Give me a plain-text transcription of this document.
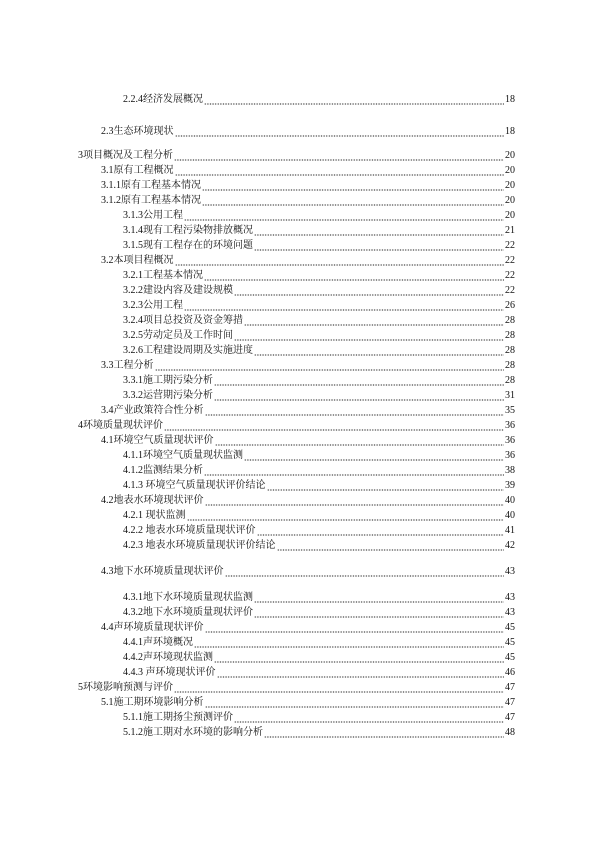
2.2.4经济发展概况	18
2.3生态环境现状	18
3项目概况及工程分析	20
3.1原有工程概况	20
3.1.1原有工程基本情况	20
3.1.2原有工程基本情况	20
3.1.3公用工程	20
3.1.4现有工程污染物排放概况	21
3.1.5现有工程存在的环境问题	22
3.2本项目程概况	22
3.2.1工程基本情况	22
3.2.2建设内容及建设规模	22
3.2.3公用工程	26
3.2.4项目总投资及资金筹措	28
3.2.5劳动定员及工作时间	28
3.2.6工程建设周期及实施进度	28
3.3工程分析	28
3.3.1施工期污染分析	28
3.3.2运营期污染分析	31
3.4产业政策符合性分析	35
4环境质量现状评价	36
4.1环境空气质量现状评价	36
4.1.1环境空气质量现状监测	36
4.1.2监测结果分析	38
4.1.3 环境空气质量现状评价结论	39
4.2地表水环境现状评价	40
4.2.1 现状监测	40
4.2.2 地表水环境质量现状评价	41
4.2.3 地表水环境质量现状评价结论	42
4.3地下水环境质量现状评价	43
4.3.1地下水环境质量现状监测	43
4.3.2地下水环境质量现状评价	43
4.4声环境质量现状评价	45
4.4.1声环境概况	45
4.4.2声环境现状监测	45
4.4.3 声环境现状评价	46
5环境影响预测与评价	47
5.1施工期环境影响分析	47
5.1.1施工期扬尘预测评价	47
5.1.2施工期对水环境的影响分析	48
